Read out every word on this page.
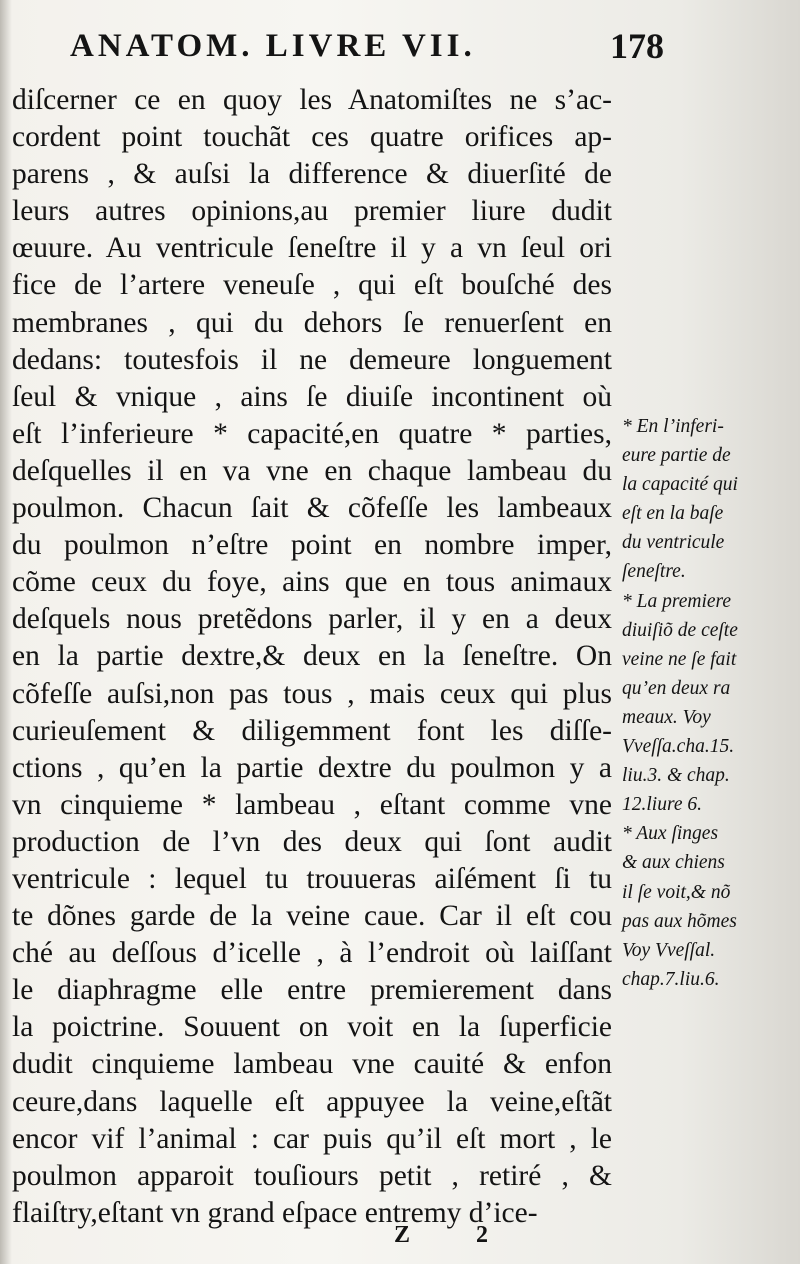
ANATOM. LIVRE VII.	178
diſcerner ce en quoy les Anatomiſtes ne s’ac-
cordent point touchãt ces quatre orifices ap-
parens , & auſsi la difference & diuerſité de
leurs autres opinions,au premier liure dudit
œuure. Au ventricule ſeneſtre il y a vn ſeul ori
fice de l’artere veneuſe , qui eſt bouſché des
membranes , qui du dehors ſe renuerſent en
dedans: toutesfois il ne demeure longuement
ſeul & vnique , ains ſe diuiſe incontinent où
eſt l’inferieure * capacité,en quatre * parties,
deſquelles il en va vne en chaque lambeau du
poulmon. Chacun ſait & cõfeſſe les lambeaux
du poulmon n’eſtre point en nombre imper,
cõme ceux du foye, ains que en tous animaux
deſquels nous pretẽdons parler, il y en a deux
en la partie dextre,& deux en la ſeneſtre. On
cõfeſſe auſsi,non pas tous , mais ceux qui plus
curieuſement & diligemment font les diſſe-
ctions , qu’en la partie dextre du poulmon y a
vn cinquieme * lambeau , eſtant comme vne
production de l’vn des deux qui ſont audit
ventricule : lequel tu trouueras aiſément ſi tu
te dõnes garde de la veine caue. Car il eſt cou
ché au deſſous d’icelle , à l’endroit où laiſſant
le diaphragme elle entre premierement dans
la poictrine. Souuent on voit en la ſuperficie
dudit cinquieme lambeau vne cauité & enfon
ceure,dans laquelle eſt appuyee la veine,eſtãt
encor vif l’animal : car puis qu’il eſt mort , le
poulmon apparoit touſiours petit , retiré , &
flaiſtry,eſtant vn grand eſpace entremy d’ice-
* En l’inferi-
eure partie de
la capacité qui
eſt en la baſe
du ventricule
ſeneſtre.
* La premiere
diuiſiõ de ceſte
veine ne ſe fait
qu’en deux ra
meaux. Voy
Vveſſa.cha.15.
liu.3. & chap.
12.liure 6.
* Aux ſinges
& aux chiens
il ſe voit,& nõ
pas aux hõmes
Voy Vveſſal.
chap.7.liu.6.
Z 2
